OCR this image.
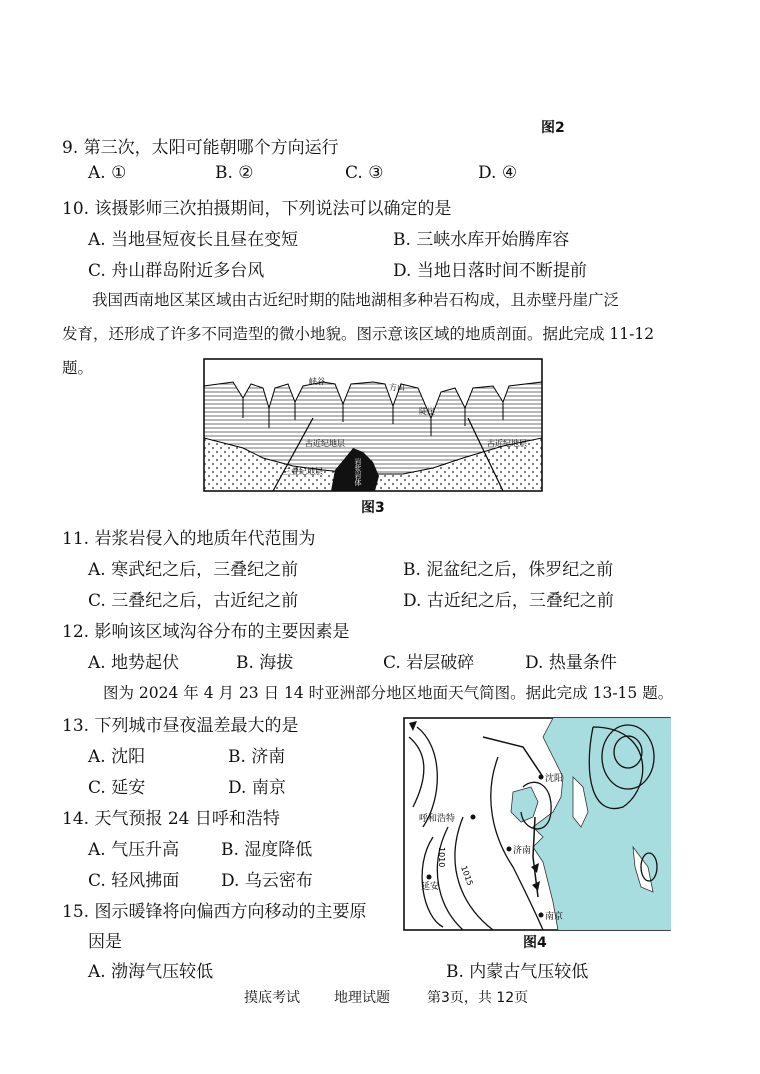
图2
9. 第三次，太阳可能朝哪个方向运行
A. ①	B. ②	C. ③	D. ④
10. 该摄影师三次拍摄期间，下列说法可以确定的是
A. 当地昼短夜长且昼在变短	B. 三峡水库开始腾库容
C. 舟山群岛附近多台风	D. 当地日落时间不断提前
我国西南地区某区域由古近纪时期的陆地湖相多种岩石构成，且赤壁丹崖广泛
发育，还形成了许多不同造型的微小地貌。图示意该区域的地质剖面。据此完成 11-12
题。
峡谷
方山
陡崖
古近纪地层	古近纪地层
三叠纪地层	岩浆岩体
图3
11. 岩浆岩侵入的地质年代范围为
A. 寒武纪之后，三叠纪之前	B. 泥盆纪之后，侏罗纪之前
C. 三叠纪之后，古近纪之前	D. 古近纪之后，三叠纪之前
12. 影响该区域沟谷分布的主要因素是
A. 地势起伏	B. 海拔	C. 岩层破碎	D. 热量条件
图为 2024 年 4 月 23 日 14 时亚洲部分地区地面天气简图。据此完成 13-15 题。
13. 下列城市昼夜温差最大的是
A. 沈阳	B. 济南
C. 延安	D. 南京
14. 天气预报 24 日呼和浩特
A. 气压升高 B. 湿度降低
C. 轻风拂面 D. 乌云密布
15. 图示暖锋将向偏西方向移动的主要原
因是
A. 渤海气压较低	B. 内蒙古气压较低
沈阳
呼和浩特
济南
延安
南京
1010
1015
图4
摸底考试 地理试题	第3页，共 12页
